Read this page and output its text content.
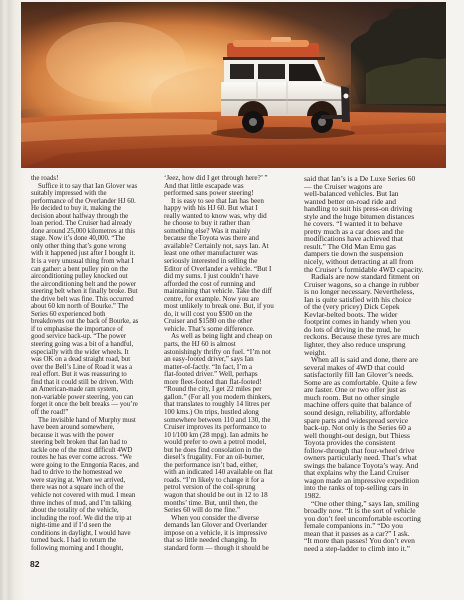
the roads!
Suffice it to say that Ian Glover was
suitably impressed with the
performance of the Overlander HJ 60.
He decided to buy it, making the
decision about halfway through the
loan period. The Cruiser had already
done around 25,000 kilometres at this
stage. Now it’s done 40,000. “The
only other thing that’s gone wrong
with it happened just after I bought it.
It is a very unusual thing from what I
can gather: a bent pulley pin on the
airconditioning pulley knocked out
the airconditioning belt and the power
steering belt when it finally broke. But
the drive belt was fine. This occurred
about 60 km north of Bourke.” The
Series 60 experienced both
breakdowns out the back of Bourke, as
if to emphasise the importance of
good service back-up. “The power
steering going was a bit of a handful,
especially with the wider wheels. It
was OK on a dead straight road, but
over the Bell’s Line of Road it was a
real effort. But it was reassuring to
find that it could still be driven. With
an American-made ram system,
non-variable power steering, you can
forget it once the belt breaks — you’re
off the road!”
The invisible hand of Murphy must
have been around somewhere,
because it was with the power
steering belt broken that Ian had to
tackle one of the most difficult 4WD
routes he has ever come across. “We
were going to the Enngonia Races, and
had to drive to the homestead we
were staying at. When we arrived,
there was not a square inch of the
vehicle not covered with mud. I mean
three inches of mud, and I’m talking
about the totality of the vehicle,
including the roof. We did the trip at
night-time and if I’d seen the
conditions in daylight, I would have
turned back. I had to return the
following morning and I thought,
‘Jeez, how did I get through here?’ ”
And that little escapade was
performed sans power steering!
It is easy to see that Ian has been
happy with his HJ 60. But what I
really wanted to know was, why did
he choose to buy it rather than
something else? Was it mainly
because the Toyota was there and
available? Certainly not, says Ian. At
least one other manufacturer was
seriously interested in selling the
Editor of Overlander a vehicle. “But I
did my sums. I just couldn’t have
afforded the cost of running and
maintaining that vehicle. Take the diff
centre, for example. Now you are
most unlikely to break one. But, if you
do, it will cost you $500 on the
Cruiser and $1580 on the other
vehicle. That’s some difference.
As well as being light and cheap on
parts, the HJ 60 is almost
astonishingly thrifty on fuel. “I’m not
an easy-footed driver,” says Ian
matter-of-factly. “In fact, I’m a
flat-footed driver.” Well, perhaps
more fleet-footed than flat-footed!
“Round the city, I get 22 miles per
gallon.” (For all you modern thinkers,
that translates to roughly 14 litres per
100 kms.) On trips, hustled along
somewhere between 110 and 130, the
Cruiser improves its performance to
10 l/100 km (28 mpg). Ian admits he
would prefer to own a petrol model,
but he does find consolation in the
diesel’s frugality. For an oil-burner,
the performance isn’t bad, either,
with an indicated 140 available on flat
roads. “I’m likely to change it for a
petrol version of the coil-sprung
wagon that should be out in 12 to 18
months’ time. But, until then, the
Series 60 will do me fine.”
When you consider the diverse
demands Ian Glover and Overlander
impose on a vehicle, it is impressive
that so little needed changing. In
standard form — though it should be
said that Ian’s is a De Luxe Series 60
— the Cruiser wagons are
well-balanced vehicles. But Ian
wanted better on-road ride and
handling to suit his press-on driving
style and the huge bitumen distances
he covers. “I wanted it to behave
pretty much as a car does and the
modifications have achieved that
result.” The Old Man Emu gas
dampers tie down the suspension
nicely, without detracting at all from
the Cruiser’s formidable 4WD capacity.
Radials are now standard fitment on
Cruiser wagons, so a change in rubber
is no longer necessary. Nevertheless,
Ian is quite satisfied with his choice
of the (very pricey) Dick Cepek
Kevlar-belted boots. The wider
footprint comes in handy when you
do lots of driving in the mud, he
reckons. Because these tyres are much
lighter, they also reduce unsprung
weight.
When all is said and done, there are
several makes of 4WD that could
satisfactorily fill Ian Glover’s needs.
Some are as comfortable. Quite a few
are faster. One or two offer just as
much room. But no other single
machine offers quite that balance of
sound design, reliability, affordable
spare parts and widespread service
back-up. Not only is the Series 60 a
well thought-out design, but Thiess
Toyota provides the consistent
follow-through that four-wheel drive
owners particularly need. That’s what
swings the balance Toyota’s way. And
that explains why the Land Cruiser
wagon made an impressive expedition
into the ranks of top-selling cars in
1982.
“One other thing,” says Ian, smiling
broadly now. “It is the sort of vehicle
you don’t feel uncomfortable escorting
female companions in.” “Do you
mean that it passes as a car?” I ask.
“It more than passes! You don’t even
need a step-ladder to climb into it.”
82
